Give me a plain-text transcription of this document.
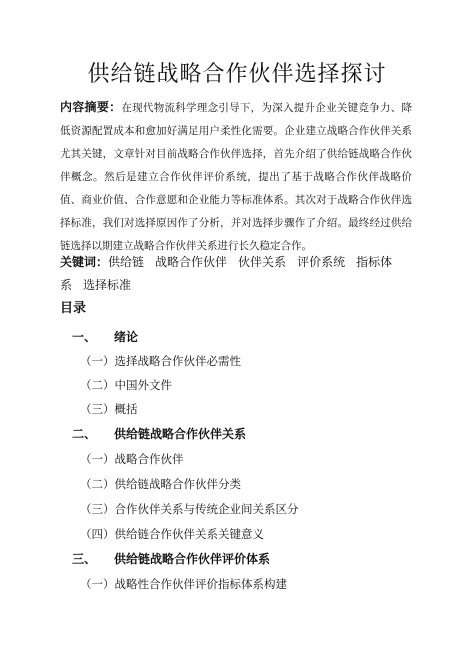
供给链战略合作伙伴选择探讨
内容摘要：在现代物流科学理念引导下，为深入提升企业关键竞争力、降低资源配置成本和愈加好满足用户柔性化需要。企业建立战略合作伙伴关系尤其关键，文章针对目前战略合作伙伴选择，首先介绍了供给链战略合作伙伴概念。然后是建立合作伙伴评价系统，提出了基于战略合作伙伴战略价值、商业价值、合作意愿和企业能力等标准体系。其次对于战略合作伙伴选择标准，我们对选择原因作了分析，并对选择步骤作了介绍。最终经过供给链选择以期建立战略合作伙伴关系进行长久稳定合作。
关键词：供给链 战略合作伙伴 伙伴关系 评价系统 指标体系 选择标准
目录
一、 绪论
（一）选择战略合作伙伴必需性
（二）中国外文件
（三）概括
二、 供给链战略合作伙伴关系
（一）战略合作伙伴
（二）供给链战略合作伙伴分类
（三）合作伙伴关系与传统企业间关系区分
（四）供给链合作伙伴关系关键意义
三、 供给链战略合作伙伴评价体系
（一）战略性合作伙伴评价指标体系构建
